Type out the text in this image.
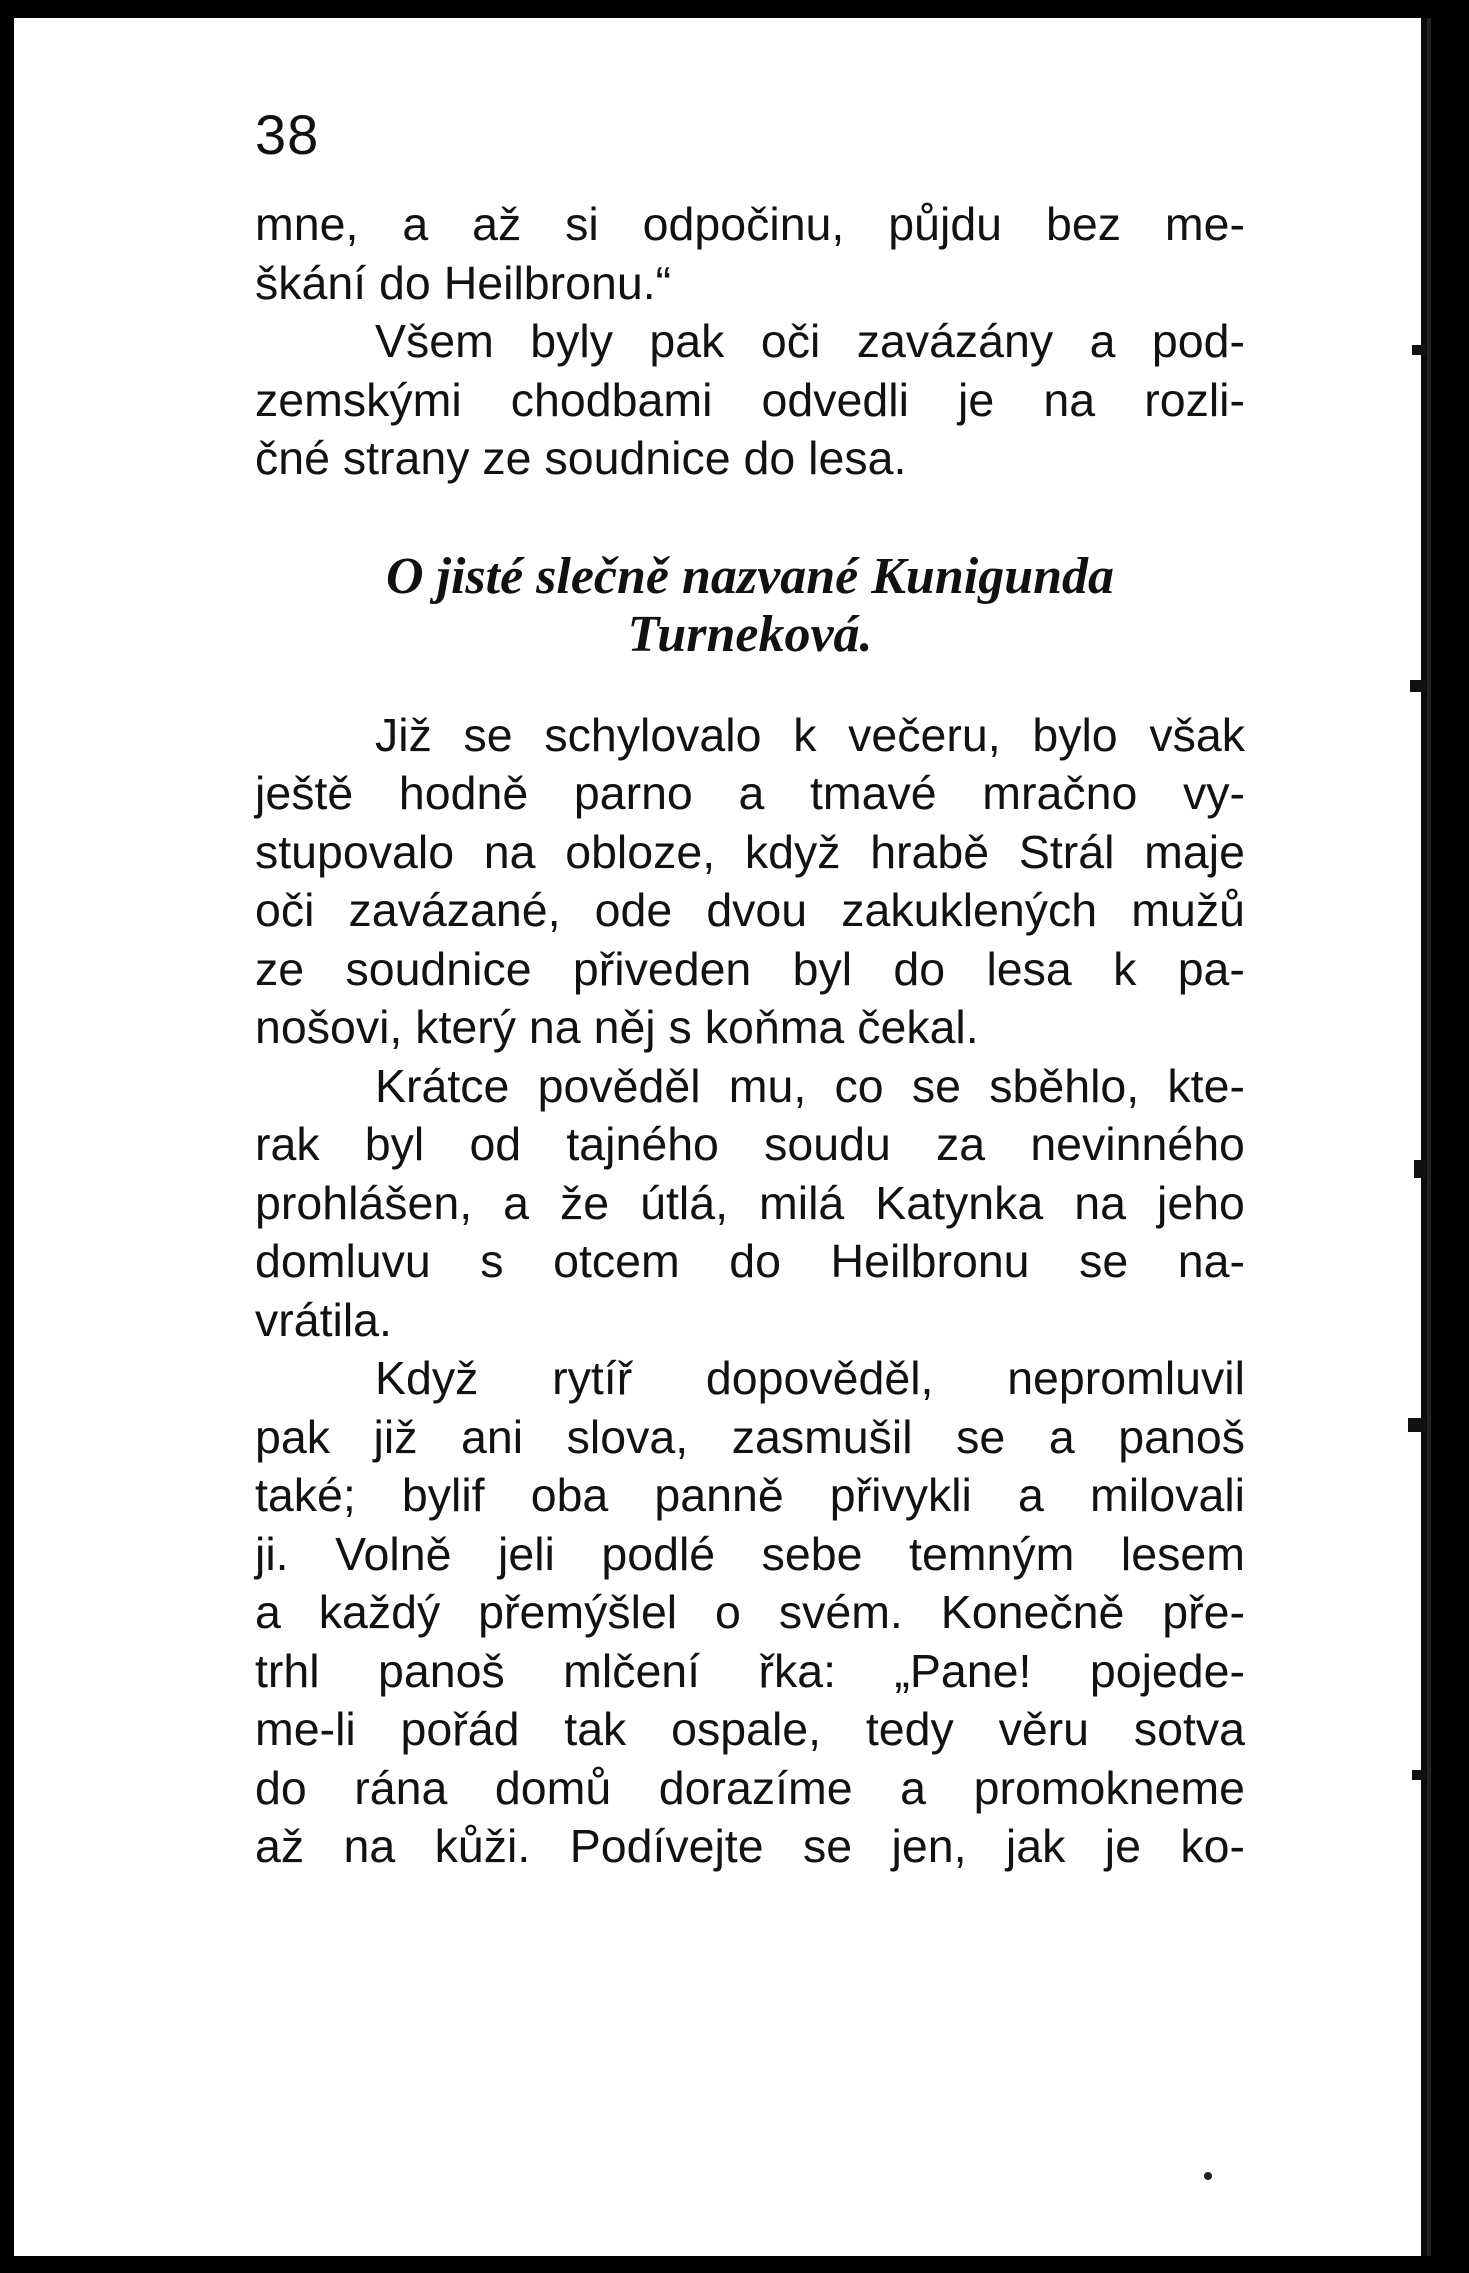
38
mne, a až si odpočinu, půjdu bez me-
škání do Heilbronu.“
Všem byly pak oči zavázány a pod-
zemskými chodbami odvedli je na rozli-
čné strany ze soudnice do lesa.
O jisté slečně nazvané Kunigunda
Turneková.
Již se schylovalo k večeru, bylo však
ještě hodně parno a tmavé mračno vy-
stupovalo na obloze, když hrabě Strál maje
oči zavázané, ode dvou zakuklených mužů
ze soudnice přiveden byl do lesa k pa-
nošovi, který na něj s koňma čekal.
Krátce pověděl mu, co se sběhlo, kte-
rak byl od tajného soudu za nevinného
prohlášen, a že útlá, milá Katynka na jeho
domluvu s otcem do Heilbronu se na-
vrátila.
Když rytíř dopověděl, nepromluvil
pak již ani slova, zasmušil se a panoš
také; bylif oba panně přivykli a milovali
ji. Volně jeli podlé sebe temným lesem
a každý přemýšlel o svém. Konečně pře-
trhl panoš mlčení řka: „Pane! pojede-
me-li pořád tak ospale, tedy věru sotva
do rána domů dorazíme a promokneme
až na kůži. Podívejte se jen, jak je ko-
